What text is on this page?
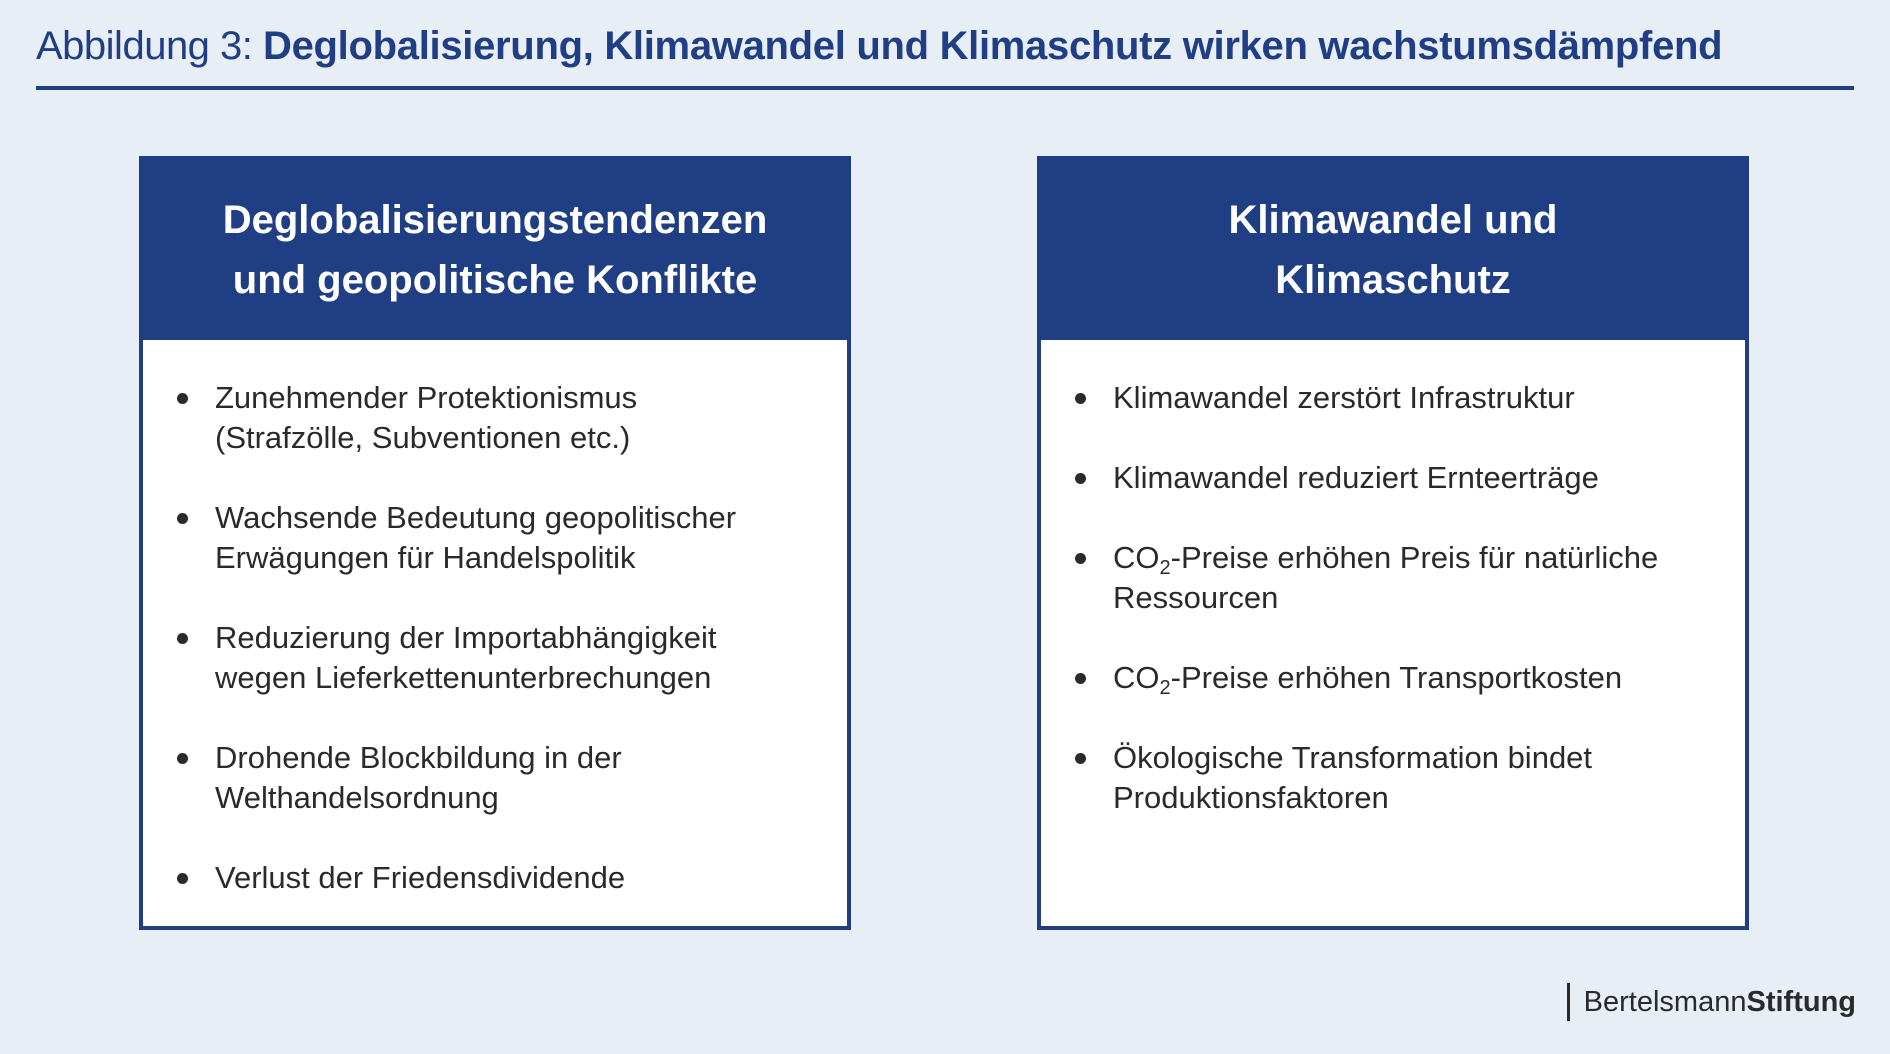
Abbildung 3: Deglobalisierung, Klimawandel und Klimaschutz wirken wachstumsdämpfend
Deglobalisierungstendenzen
und geopolitische Konflikte
Zunehmender Protektionismus
(Strafzölle, Subventionen etc.)
Wachsende Bedeutung geopolitischer
Erwägungen für Handelspolitik
Reduzierung der Importabhängigkeit
wegen Lieferkettenunterbrechungen
Drohende Blockbildung in der
Welthandelsordnung
Verlust der Friedensdividende
Klimawandel und
Klimaschutz
Klimawandel zerstört Infrastruktur
Klimawandel reduziert Ernteerträge
$CO_2$-Preise erhöhen Preis für natürliche
Ressourcen
$CO_2$-Preise erhöhen Transportkosten
Ökologische Transformation bindet
Produktionsfaktoren
BertelsmannStiftung
